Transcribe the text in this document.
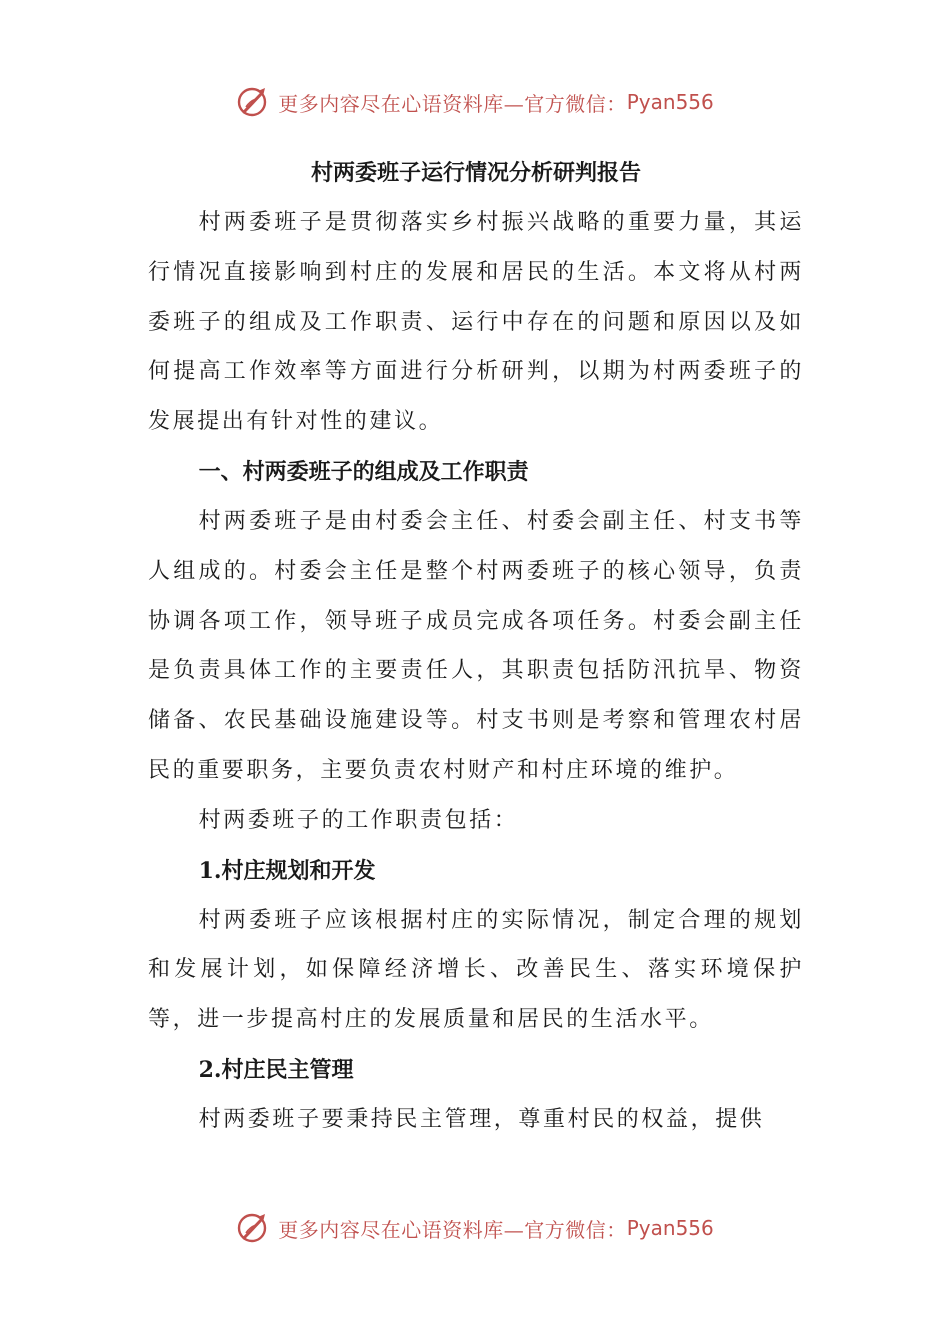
更多内容尽在心语资料库—官方微信： Pyan556

村两委班子运行情况分析研判报告

村两委班子是贯彻落实乡村振兴战略的重要力量，其运行情况直接影响到村庄的发展和居民的生活。本文将从村两委班子的组成及工作职责、运行中存在的问题和原因以及如何提高工作效率等方面进行分析研判，以期为村两委班子的发展提出有针对性的建议。

一、村两委班子的组成及工作职责

村两委班子是由村委会主任、村委会副主任、村支书等人组成的。村委会主任是整个村两委班子的核心领导，负责协调各项工作，领导班子成员完成各项任务。村委会副主任是负责具体工作的主要责任人，其职责包括防汛抗旱、物资储备、农民基础设施建设等。村支书则是考察和管理农村居民的重要职务，主要负责农村财产和村庄环境的维护。

村两委班子的工作职责包括：

1.村庄规划和开发

村两委班子应该根据村庄的实际情况，制定合理的规划和发展计划，如保障经济增长、改善民生、落实环境保护等，进一步提高村庄的发展质量和居民的生活水平。

2.村庄民主管理

村两委班子要秉持民主管理，尊重村民的权益，提供

更多内容尽在心语资料库—官方微信： Pyan556
